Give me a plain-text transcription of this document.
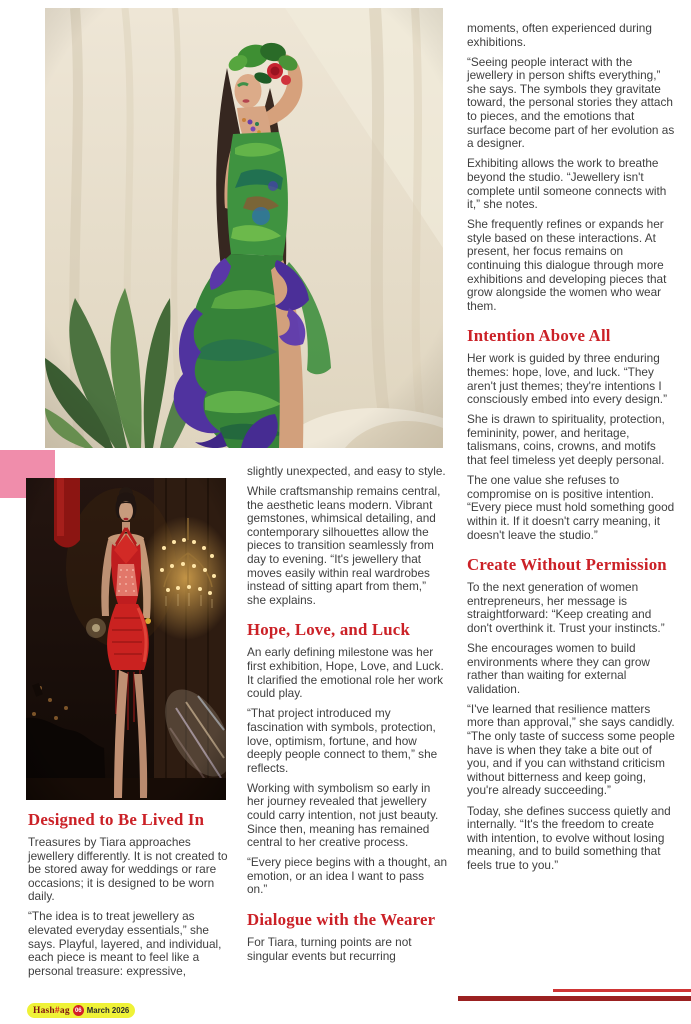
Designed to Be Lived In

Treasures by Tiara approaches jewellery differently. It is not created to be stored away for weddings or rare occasions; it is designed to be worn daily.

“The idea is to treat jewellery as elevated everyday essentials,” she says. Playful, layered, and individual, each piece is meant to feel like a personal treasure: expressive,

slightly unexpected, and easy to style.

While craftsmanship remains central, the aesthetic leans modern. Vibrant gemstones, whimsical detailing, and contemporary silhouettes allow the pieces to transition seamlessly from day to evening. “It's jewellery that moves easily within real wardrobes instead of sitting apart from them,” she explains.

Hope, Love, and Luck

An early defining milestone was her first exhibition, Hope, Love, and Luck. It clarified the emotional role her work could play.

“That project introduced my fascination with symbols, protection, love, optimism, fortune, and how deeply people connect to them,” she reflects.

Working with symbolism so early in her journey revealed that jewellery could carry intention, not just beauty. Since then, meaning has remained central to her creative process.

“Every piece begins with a thought, an emotion, or an idea I want to pass on.”

Dialogue with the Wearer

For Tiara, turning points are not singular events but recurring

moments, often experienced during exhibitions.

“Seeing people interact with the jewellery in person shifts everything,” she says. The symbols they gravitate toward, the personal stories they attach to pieces, and the emotions that surface become part of her evolution as a designer.

Exhibiting allows the work to breathe beyond the studio. “Jewellery isn't complete until someone connects with it,” she notes.

She frequently refines or expands her style based on these interactions. At present, her focus remains on continuing this dialogue through more exhibitions and developing pieces that grow alongside the women who wear them.

Intention Above All

Her work is guided by three enduring themes: hope, love, and luck. “They aren't just themes; they're intentions I consciously embed into every design.”

She is drawn to spirituality, protection, femininity, power, and heritage, talismans, coins, crowns, and motifs that feel timeless yet deeply personal.

The one value she refuses to compromise on is positive intention. “Every piece must hold something good within it. If it doesn't carry meaning, it doesn't leave the studio.”

Create Without Permission

To the next generation of women entrepreneurs, her message is straightforward: “Keep creating and don't overthink it. Trust your instincts.”

She encourages women to build environments where they can grow rather than waiting for external validation.

“I've learned that resilience matters more than approval,” she says candidly. “The only taste of success some people have is when they take a bite out of you, and if you can withstand criticism without bitterness and keep going, you're already succeeding.”

Today, she defines success quietly and internally. “It's the freedom to create with intention, to evolve without losing meaning, and to build something that feels true to you.”

Hash#ag 06 March 2026
